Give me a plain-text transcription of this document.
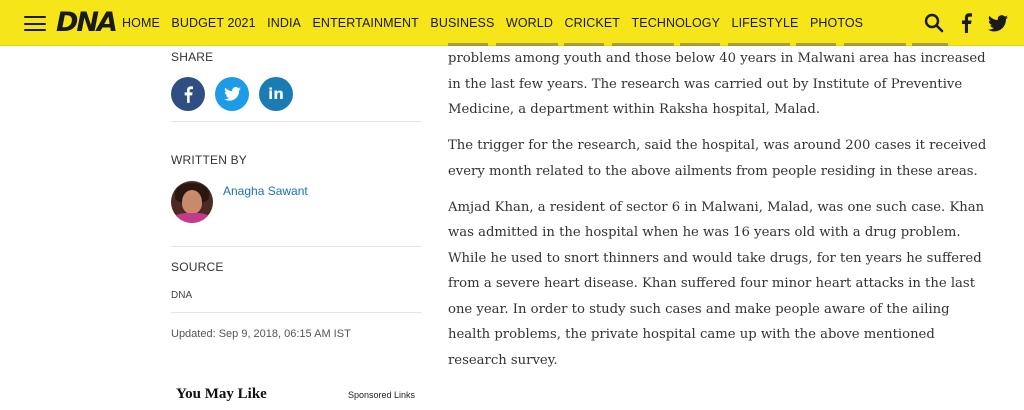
DNA HOME BUDGET 2021 INDIA ENTERTAINMENT BUSINESS WORLD CRICKET TECHNOLOGY LIFESTYLE PHOTOS
SHARE
in
WRITTEN BY
Anagha Sawant
SOURCE
DNA
Updated: Sep 9, 2018, 06:15 AM IST
You May Like	Sponsored Links

problems among youth and those below 40 years in Malwani area has increased in the last few years. The research was carried out by Institute of Preventive Medicine, a department within Raksha hospital, Malad.

The trigger for the research, said the hospital, was around 200 cases it received every month related to the above ailments from people residing in these areas.

Amjad Khan, a resident of sector 6 in Malwani, Malad, was one such case. Khan was admitted in the hospital when he was 16 years old with a drug problem. While he used to snort thinners and would take drugs, for ten years he suffered from a severe heart disease. Khan suffered four minor heart attacks in the last one year. In order to study such cases and make people aware of the ailing health problems, the private hospital came up with the above mentioned research survey.
